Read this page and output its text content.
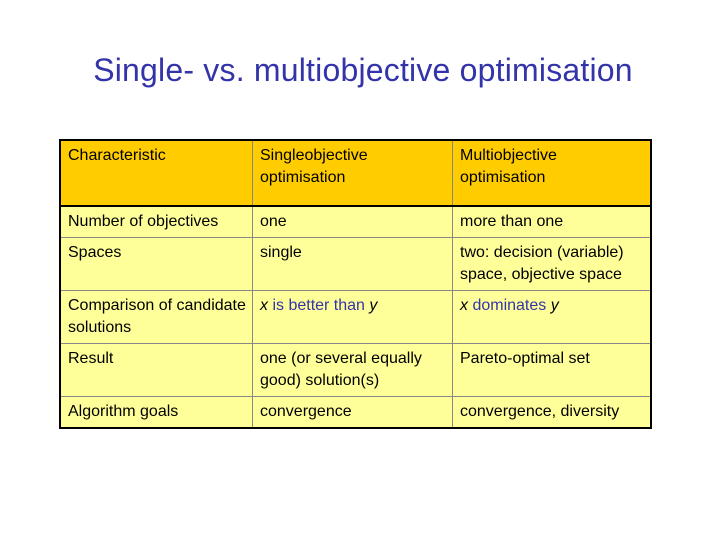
Single- vs. multiobjective optimisation
Characteristic	Singleobjective optimisation	Multiobjective optimisation
Number of objectives	one	more than one
Spaces	single	two: decision (variable) space, objective space
Comparison of candidate solutions	x is better than y	x dominates y
Result	one (or several equally good) solution(s)	Pareto-optimal set
Algorithm goals	convergence	convergence, diversity
